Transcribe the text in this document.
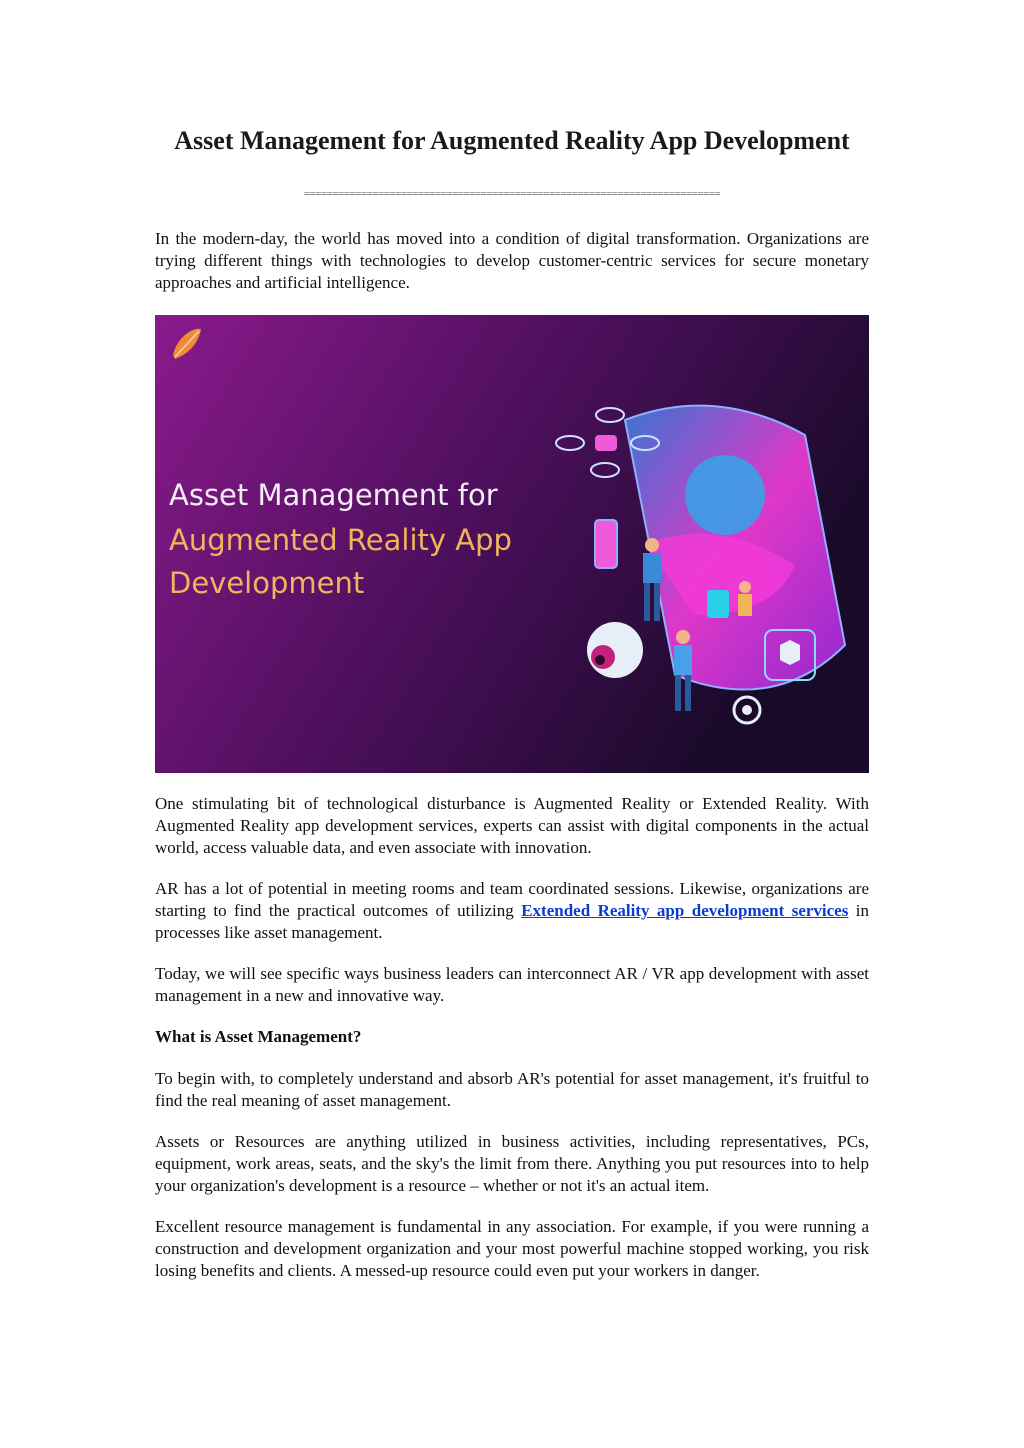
Asset Management for Augmented Reality App Development
=========================================================================

In the modern-day, the world has moved into a condition of digital transformation. Organizations are trying different things with technologies to develop customer-centric services for secure monetary approaches and artificial intelligence.

Asset Management for
Augmented Reality App
Development

One stimulating bit of technological disturbance is Augmented Reality or Extended Reality. With Augmented Reality app development services, experts can assist with digital components in the actual world, access valuable data, and even associate with innovation.

AR has a lot of potential in meeting rooms and team coordinated sessions. Likewise, organizations are starting to find the practical outcomes of utilizing Extended Reality app development services in processes like asset management.

Today, we will see specific ways business leaders can interconnect AR / VR app development with asset management in a new and innovative way.

What is Asset Management?

To begin with, to completely understand and absorb AR's potential for asset management, it's fruitful to find the real meaning of asset management.

Assets or Resources are anything utilized in business activities, including representatives, PCs, equipment, work areas, seats, and the sky's the limit from there. Anything you put resources into to help your organization's development is a resource – whether or not it's an actual item.

Excellent resource management is fundamental in any association. For example, if you were running a construction and development organization and your most powerful machine stopped working, you risk losing benefits and clients. A messed-up resource could even put your workers in danger.
